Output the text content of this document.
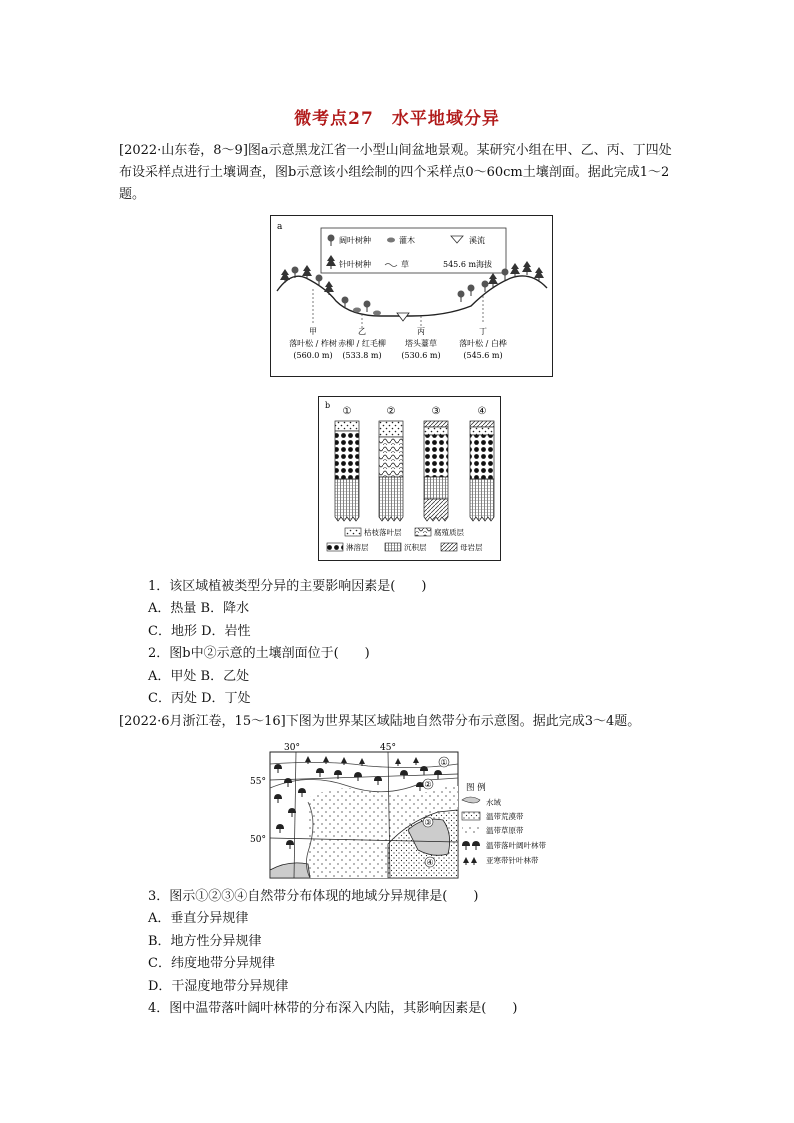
微考点27　水平地域分异
[2022·山东卷，8～9]图a示意黑龙江省一小型山间盆地景观。某研究小组在甲、乙、丙、丁四处布设采样点进行土壤调查，图b示意该小组绘制的四个采样点0～60cm土壤剖面。据此完成1～2题。
a
阔叶树种	灌木	溪流
针叶树种	草	545.6 m海拔
甲
落叶松 / 柞树
(560.0 m)
乙
赤柳 / 红毛柳
(533.8 m)
丙
塔头薹草
(530.6 m)
丁
落叶松 / 白桦
(545.6 m)
b
①	②	③	④
枯枝落叶层	腐殖质层
淋溶层	沉积层	母岩层
1．该区域植被类型分异的主要影响因素是(　　)
A．热量 B．降水
C．地形 D．岩性
2．图b中②示意的土壤剖面位于(　　)
A．甲处 B．乙处
C．丙处 D．丁处
[2022·6月浙江卷，15～16]下图为世界某区域陆地自然带分布示意图。据此完成3～4题。
30°	45°
55°
50°
①
②
③
④
图 例
水域
温带荒漠带
温带草原带
温带落叶阔叶林带
亚寒带针叶林带
3．图示①②③④自然带分布体现的地域分异规律是(　　)
A．垂直分异规律
B．地方性分异规律
C．纬度地带分异规律
D．干湿度地带分异规律
4．图中温带落叶阔叶林带的分布深入内陆，其影响因素是(　　)
